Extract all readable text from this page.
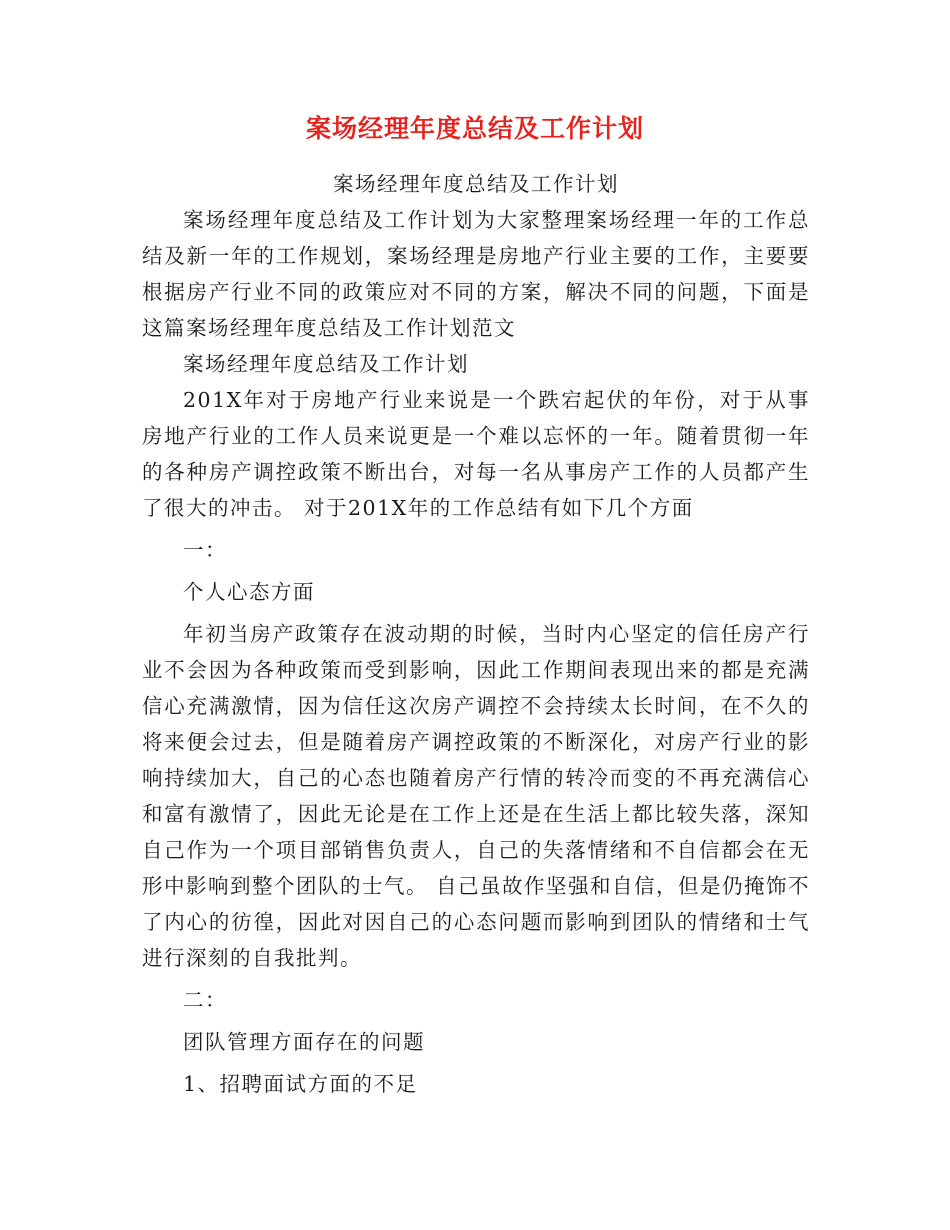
案场经理年度总结及工作计划

案场经理年度总结及工作计划

案场经理年度总结及工作计划为大家整理案场经理一年的工作总结及新一年的工作规划，案场经理是房地产行业主要的工作，主要要根据房产行业不同的政策应对不同的方案，解决不同的问题，下面是这篇案场经理年度总结及工作计划范文

案场经理年度总结及工作计划

201X年对于房地产行业来说是一个跌宕起伏的年份，对于从事房地产行业的工作人员来说更是一个难以忘怀的一年。随着贯彻一年的各种房产调控政策不断出台，对每一名从事房产工作的人员都产生了很大的冲击。 对于201X年的工作总结有如下几个方面

一：

个人心态方面

年初当房产政策存在波动期的时候，当时内心坚定的信任房产行业不会因为各种政策而受到影响，因此工作期间表现出来的都是充满信心充满激情，因为信任这次房产调控不会持续太长时间，在不久的将来便会过去，但是随着房产调控政策的不断深化，对房产行业的影响持续加大，自己的心态也随着房产行情的转冷而变的不再充满信心和富有激情了，因此无论是在工作上还是在生活上都比较失落，深知自己作为一个项目部销售负责人，自己的失落情绪和不自信都会在无形中影响到整个团队的士气。 自己虽故作坚强和自信，但是仍掩饰不了内心的彷徨，因此对因自己的心态问题而影响到团队的情绪和士气进行深刻的自我批判。

二：

团队管理方面存在的问题

1、招聘面试方面的不足
